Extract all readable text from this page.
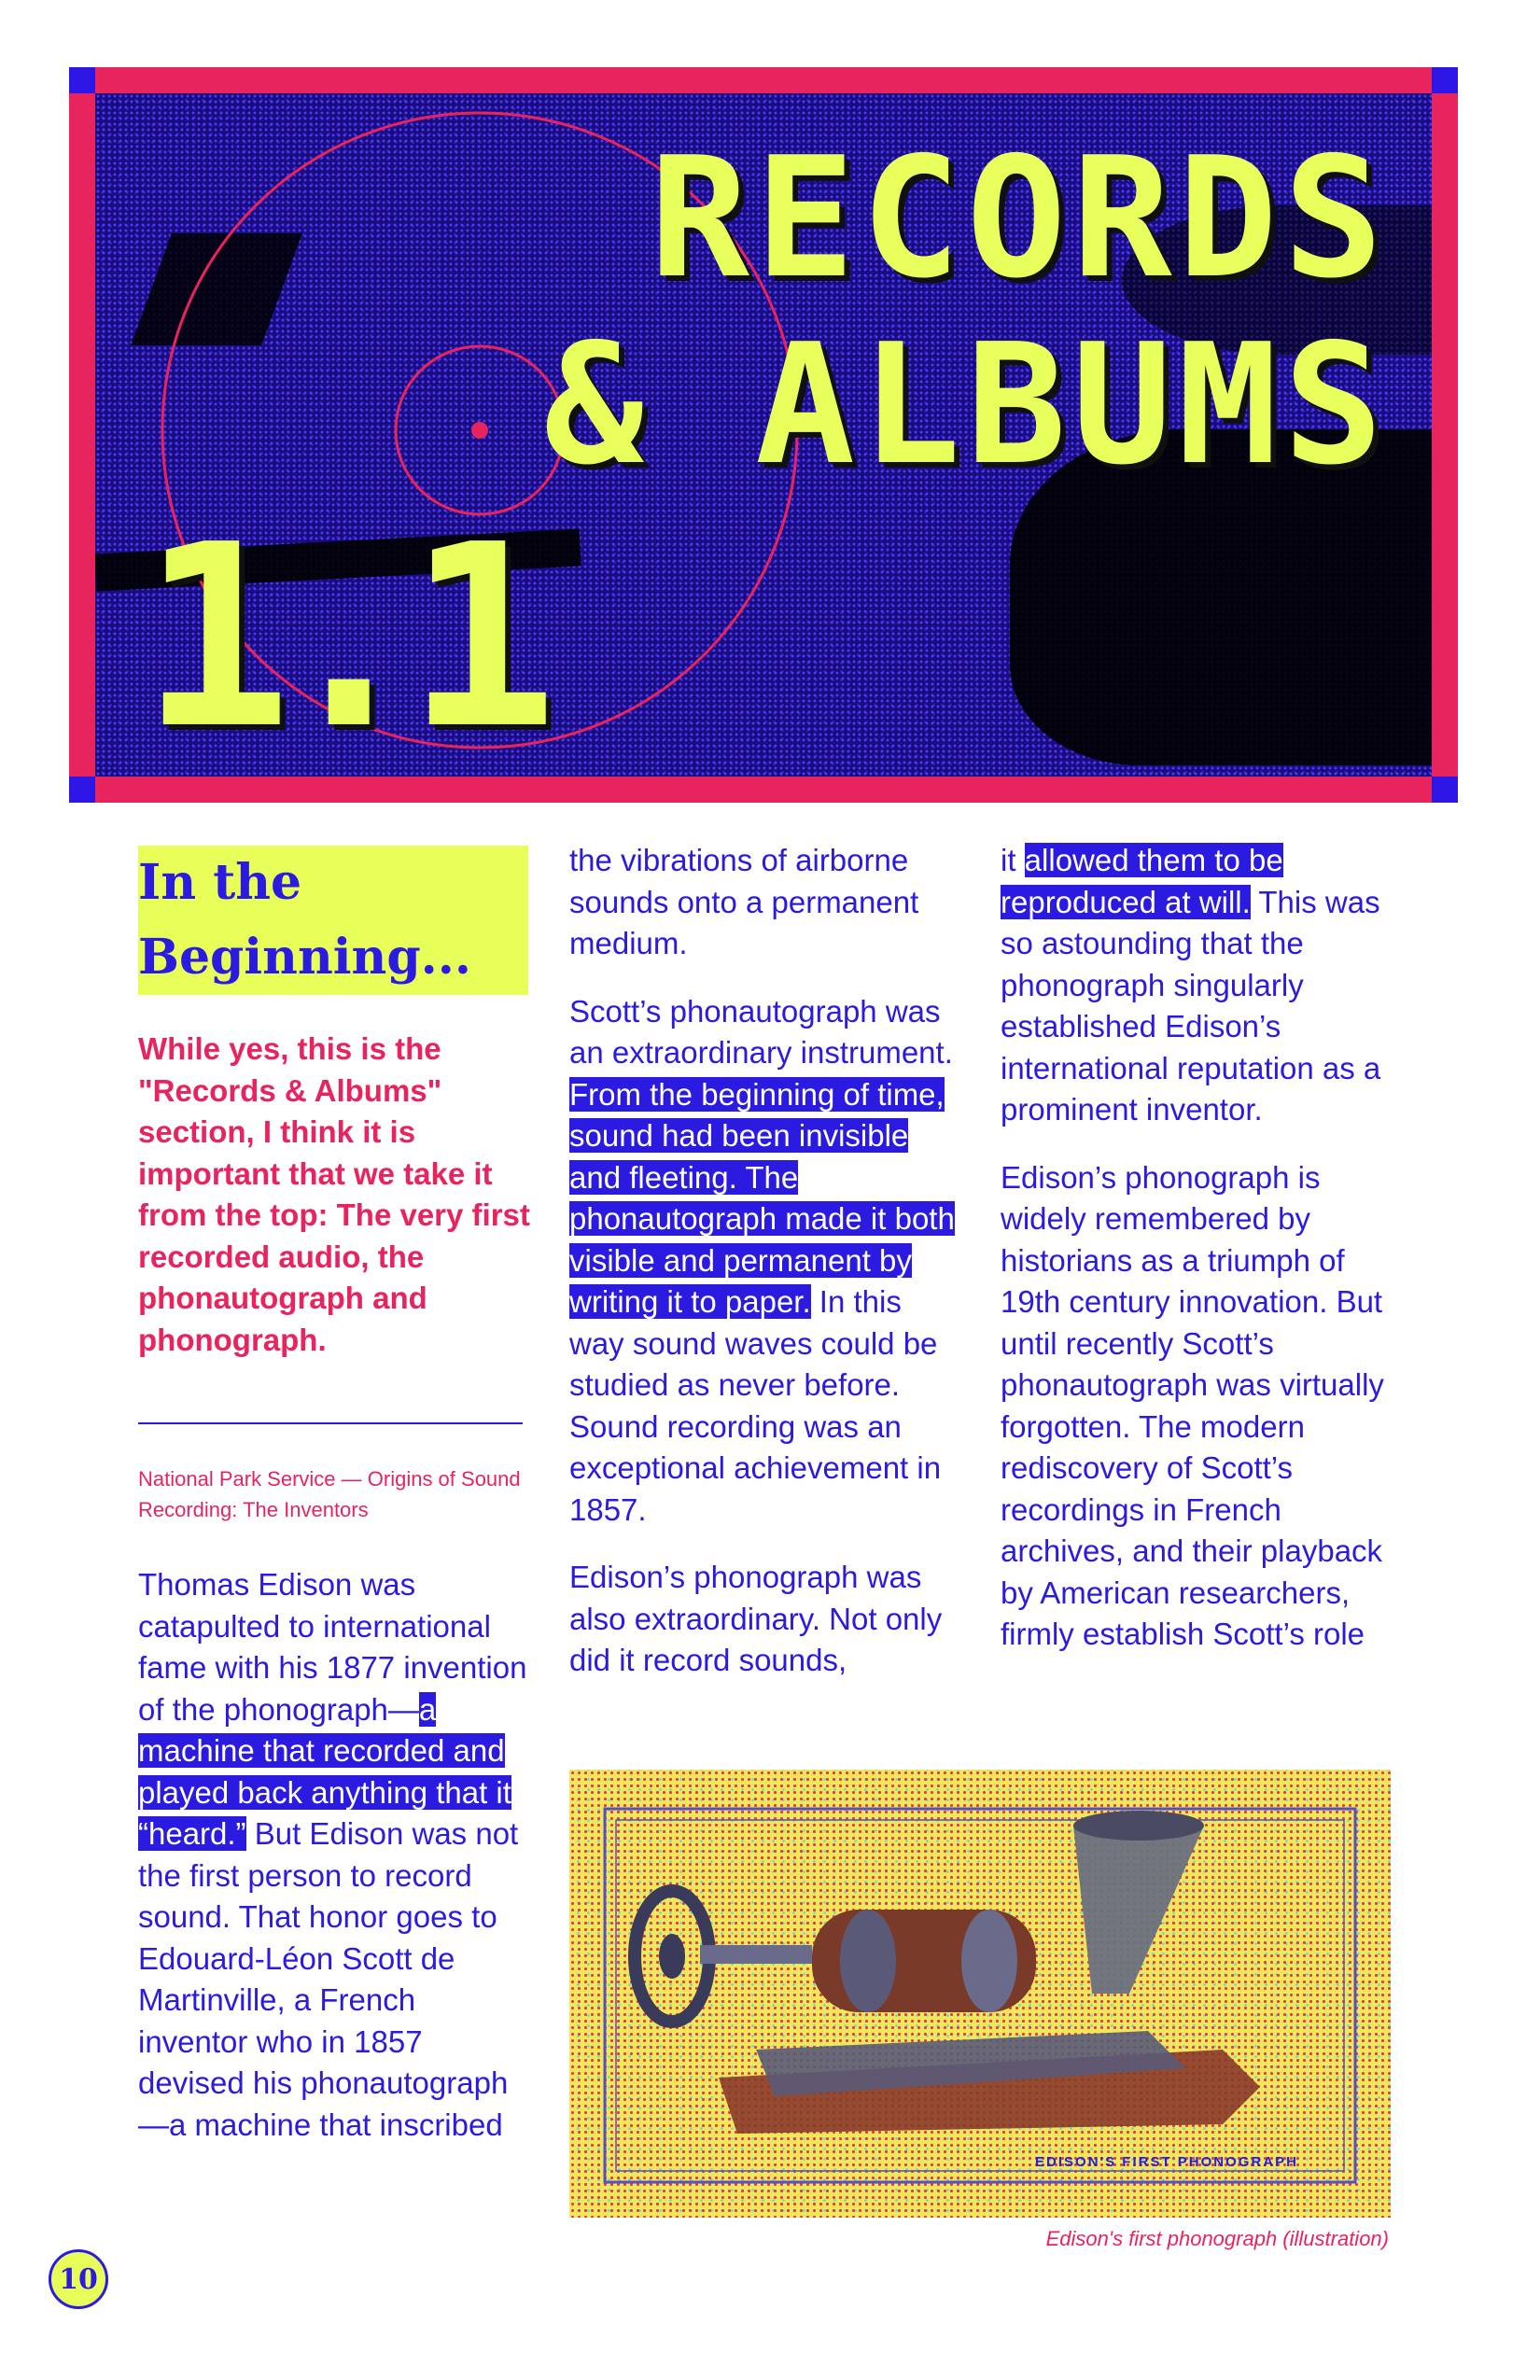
RECORDS
& ALBUMS
1.1
In the
Beginning...

While yes, this is the "Records & Albums" section, I think it is important that we take it from the top: The very first recorded audio, the phonautograph and phonograph.

National Park Service — Origins of Sound Recording: The Inventors

Thomas Edison was catapulted to international fame with his 1877 invention of the phonograph—a machine that recorded and played back anything that it “heard.” But Edison was not the first person to record sound. That honor goes to Edouard-Léon Scott de Martinville, a French inventor who in 1857 devised his phonautograph—a machine that inscribed

the vibrations of airborne sounds onto a permanent medium.

Scott’s phonautograph was an extraordinary instrument. From the beginning of time, sound had been invisible and fleeting. The phonautograph made it both visible and permanent by writing it to paper. In this way sound waves could be studied as never before. Sound recording was an exceptional achievement in 1857.

Edison’s phonograph was also extraordinary. Not only did it record sounds,

it allowed them to be reproduced at will. This was so astounding that the phonograph singularly established Edison’s international reputation as a prominent inventor.

Edison’s phonograph is widely remembered by historians as a triumph of 19th century innovation. But until recently Scott’s phonautograph was virtually forgotten. The modern rediscovery of Scott’s recordings in French archives, and their playback by American researchers, firmly establish Scott’s role

EDISON'S FIRST PHONOGRAPH
Edison's first phonograph (illustration)
10
